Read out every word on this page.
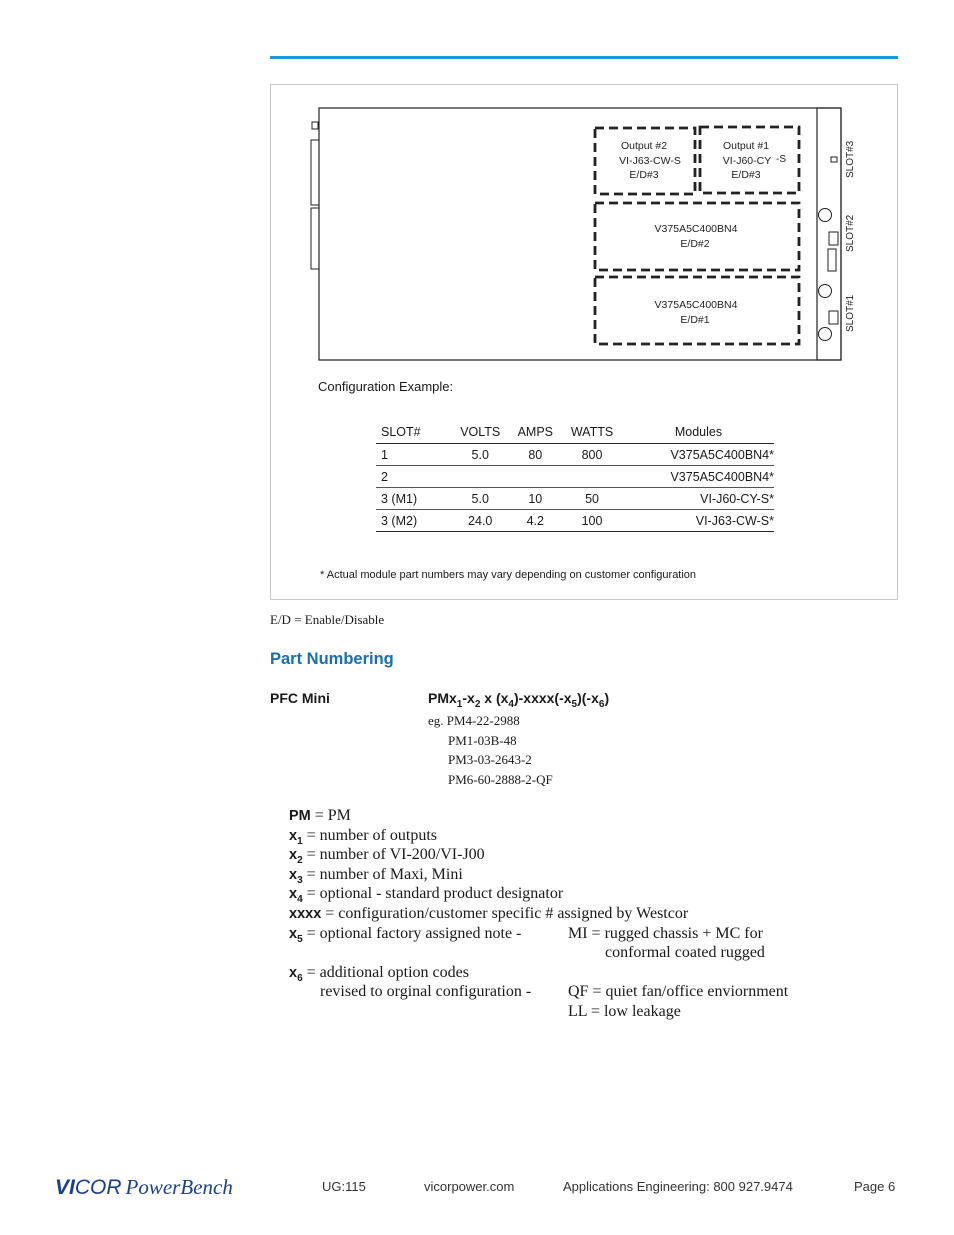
SLOT#3
SLOT#2
SLOT#1
Output #2
VI-J63-CW-S
E/D#3
Output #1
VI-J60-CY -S
E/D#3
V375A5C400BN4
E/D#2
V375A5C400BN4
E/D#1
Configuration Example:
SLOT#	VOLTS	AMPS	WATTS	Modules
1	5.0	80	800	V375A5C400BN4*
2				V375A5C400BN4*
3 (M1)	5.0	10	50	VI-J60-CY-S*
3 (M2)	24.0	4.2	100	VI-J63-CW-S*
* Actual module part numbers may vary depending on customer configuration
E/D = Enable/Disable
Part Numbering
PFC Mini	$PMx_1-x_2$ x $(x_4)-xxxx(-x_5)(-x_6)$
eg. PM4-22-2988
PM1-03B-48
PM3-03-2643-2
PM6-60-2888-2-QF
PM = PM
$x_1$ = number of outputs
$x_2$ = number of VI-200/VI-J00
$x_3$ = number of Maxi, Mini
$x_4$ = optional - standard product designator
xxxx = configuration/customer specific # assigned by Westcor
$x_5$ = optional factory assigned note -	MI = rugged chassis + MC for
conformal coated rugged
$x_6$ = additional option codes
revised to orginal configuration - QF = quiet fan/office enviornment
LL = low leakage
VICOR PowerBench	UG:115	vicorpower.com	Applications Engineering: 800 927.9474	Page 6
